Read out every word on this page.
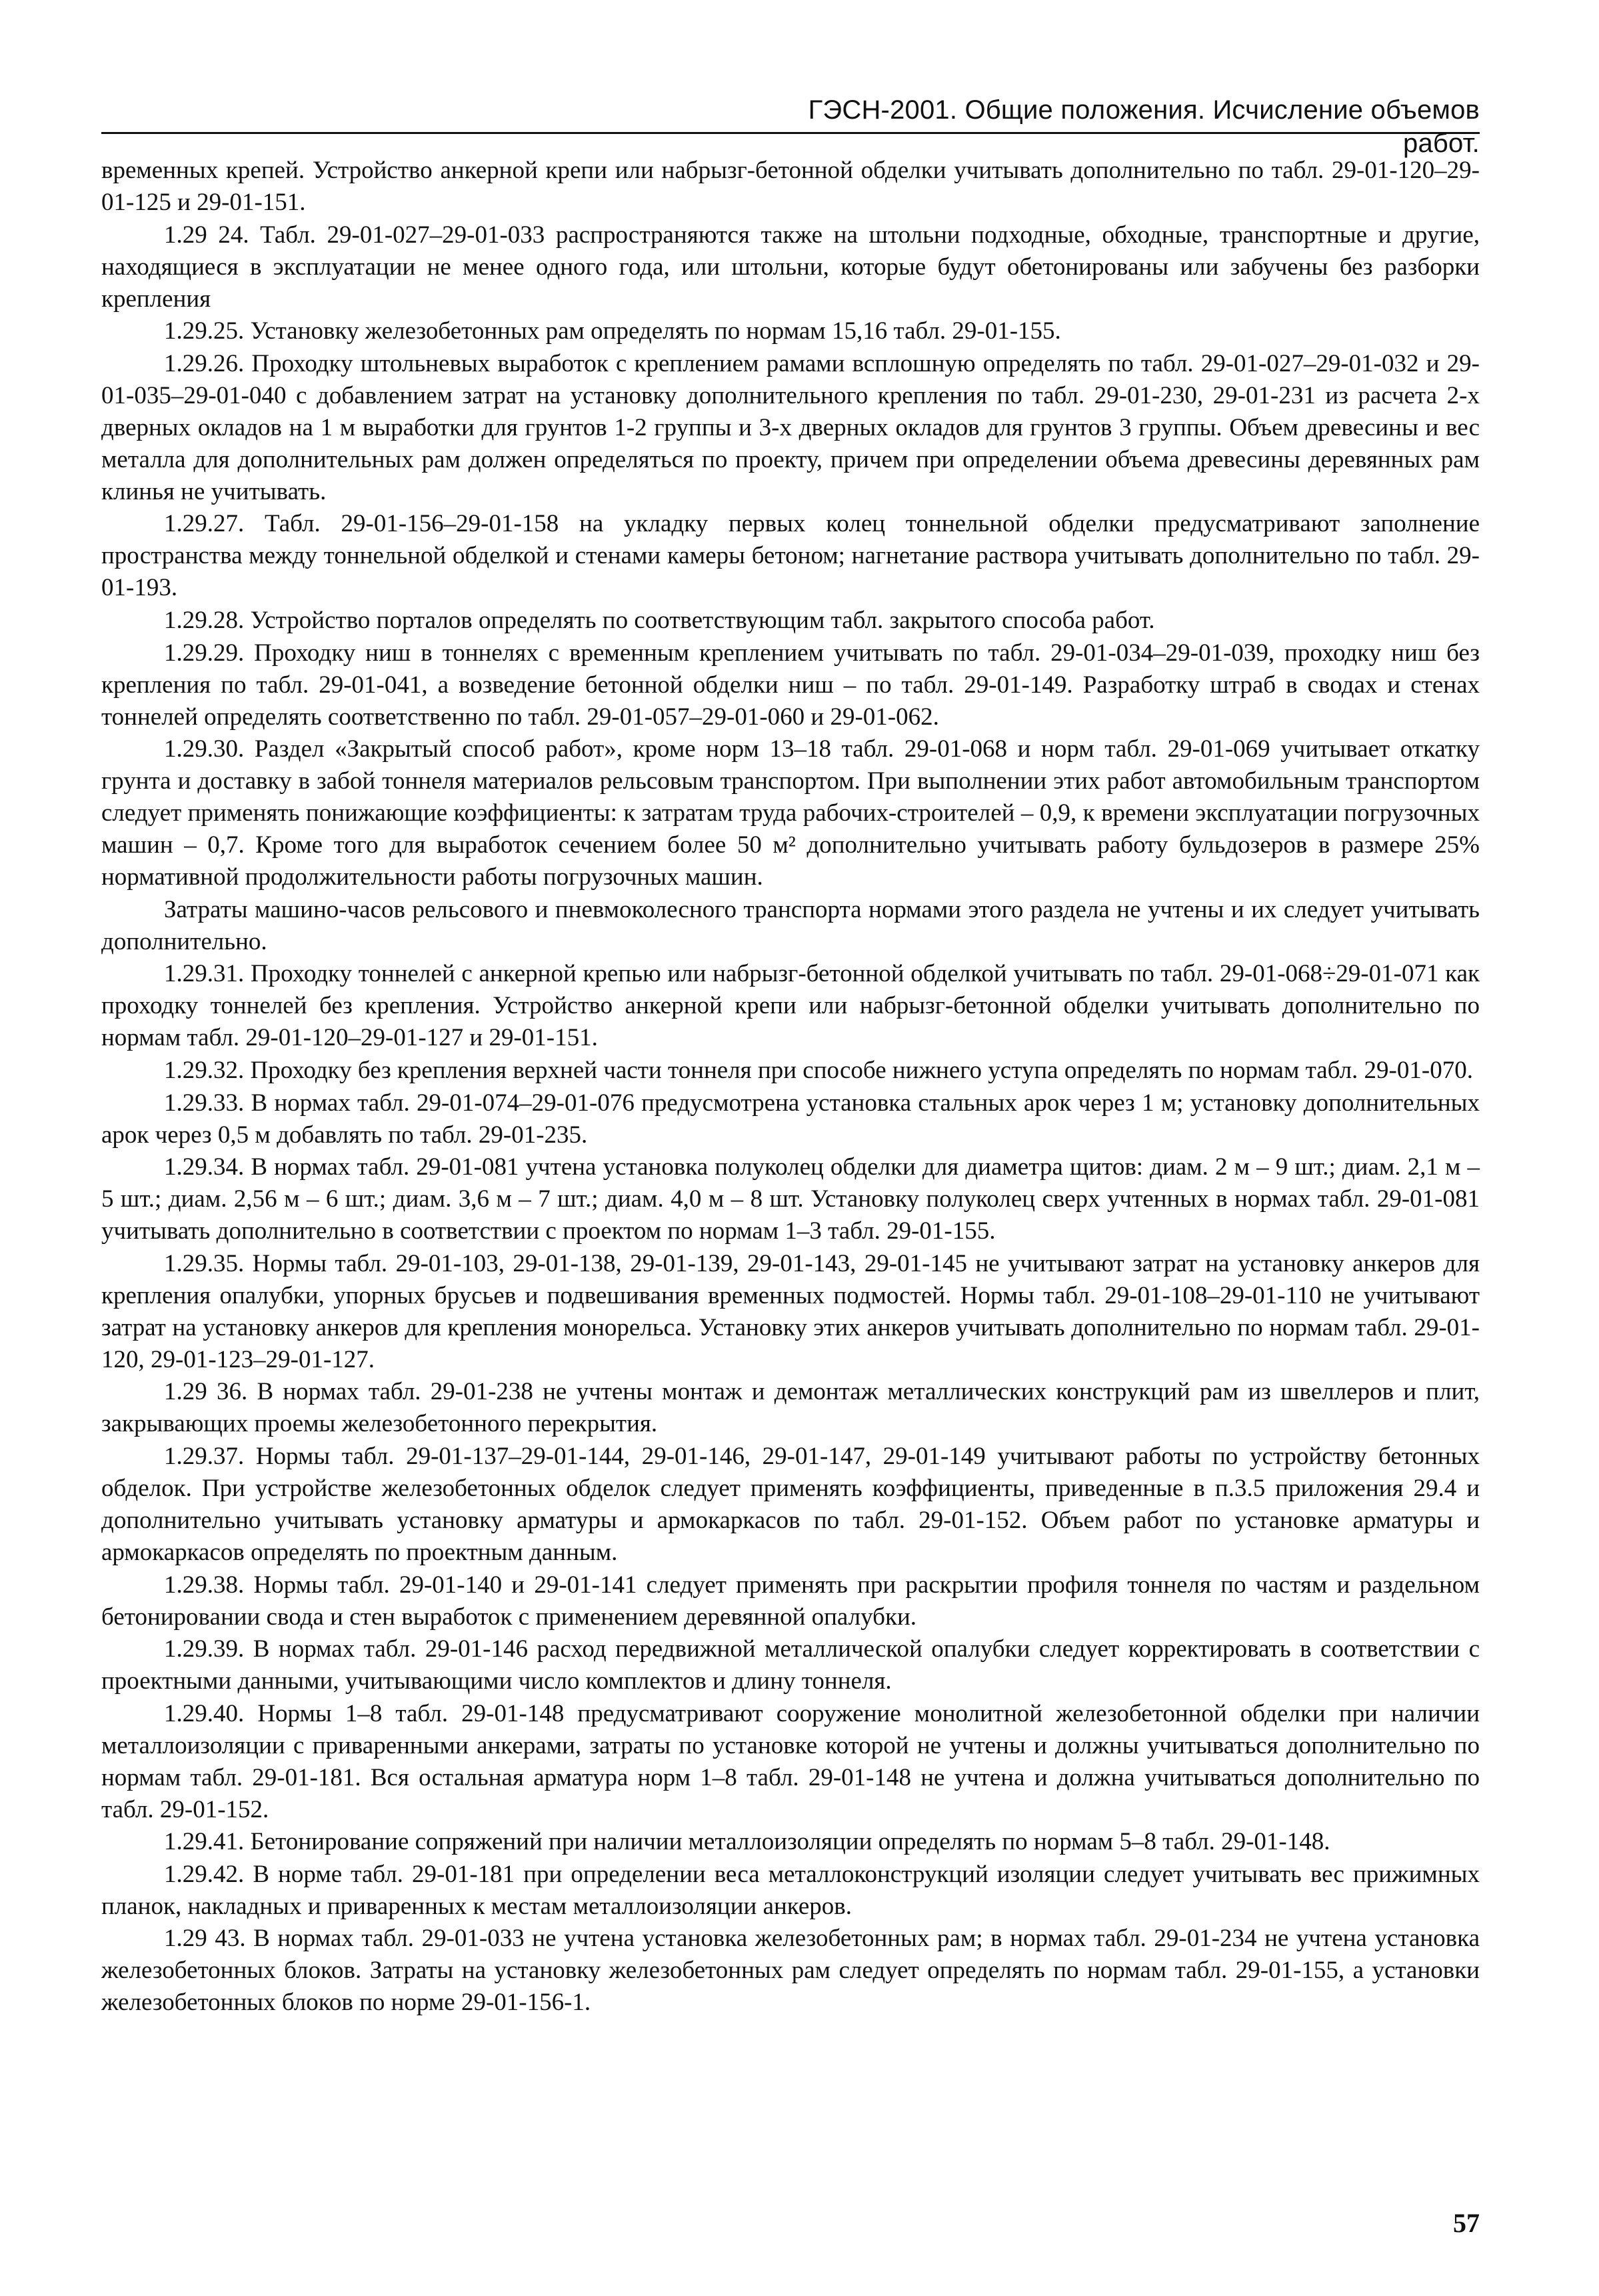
ГЭСН-2001. Общие положения. Исчисление объемов работ.

временных крепей. Устройство анкерной крепи или набрызг-бетонной обделки учитывать дополнительно по табл. 29-01-120–29-01-125 и 29-01-151.

1.29 24. Табл. 29-01-027–29-01-033 распространяются также на штольни подходные, обходные, транспортные и другие, находящиеся в эксплуатации не менее одного года, или штольни, которые будут обетонированы или забучены без разборки крепления

1.29.25. Установку железобетонных рам определять по нормам 15,16 табл. 29-01-155.

1.29.26. Проходку штольневых выработок с креплением рамами всплошную определять по табл. 29-01-027–29-01-032 и 29-01-035–29-01-040 с добавлением затрат на установку дополнительного крепления по табл. 29-01-230, 29-01-231 из расчета 2-х дверных окладов на 1 м выработки для грунтов 1-2 группы и 3-х дверных окладов для грунтов 3 группы. Объем древесины и вес металла для дополнительных рам должен определяться по проекту, причем при определении объема древесины деревянных рам клинья не учитывать.

1.29.27. Табл. 29-01-156–29-01-158 на укладку первых колец тоннельной обделки предусматривают заполнение пространства между тоннельной обделкой и стенами камеры бетоном; нагнетание раствора учитывать дополнительно по табл. 29-01-193.

1.29.28. Устройство порталов определять по соответствующим табл. закрытого способа работ.

1.29.29. Проходку ниш в тоннелях с временным креплением учитывать по табл. 29-01-034–29-01-039, проходку ниш без крепления по табл. 29-01-041, а возведение бетонной обделки ниш – по табл. 29-01-149. Разработку штраб в сводах и стенах тоннелей определять соответственно по табл. 29-01-057–29-01-060 и 29-01-062.

1.29.30. Раздел «Закрытый способ работ», кроме норм 13–18 табл. 29-01-068 и норм табл. 29-01-069 учитывает откатку грунта и доставку в забой тоннеля материалов рельсовым транспортом. При выполнении этих работ автомобильным транспортом следует применять понижающие коэффициенты: к затратам труда рабочих-строителей – 0,9, к времени эксплуатации погрузочных машин – 0,7. Кроме того для выработок сечением более 50 м² дополнительно учитывать работу бульдозеров в размере 25% нормативной продолжительности работы погрузочных машин.

Затраты машино-часов рельсового и пневмоколесного транспорта нормами этого раздела не учтены и их следует учитывать дополнительно.

1.29.31. Проходку тоннелей с анкерной крепью или набрызг-бетонной обделкой учитывать по табл. 29-01-068÷29-01-071 как проходку тоннелей без крепления. Устройство анкерной крепи или набрызг-бетонной обделки учитывать дополнительно по нормам табл. 29-01-120–29-01-127 и 29-01-151.

1.29.32. Проходку без крепления верхней части тоннеля при способе нижнего уступа определять по нормам табл. 29-01-070.

1.29.33. В нормах табл. 29-01-074–29-01-076 предусмотрена установка стальных арок через 1 м; установку дополнительных арок через 0,5 м добавлять по табл. 29-01-235.

1.29.34. В нормах табл. 29-01-081 учтена установка полуколец обделки для диаметра щитов: диам. 2 м – 9 шт.; диам. 2,1 м – 5 шт.; диам. 2,56 м – 6 шт.; диам. 3,6 м – 7 шт.; диам. 4,0 м – 8 шт. Установку полуколец сверх учтенных в нормах табл. 29-01-081 учитывать дополнительно в соответствии с проектом по нормам 1–3 табл. 29-01-155.

1.29.35. Нормы табл. 29-01-103, 29-01-138, 29-01-139, 29-01-143, 29-01-145 не учитывают затрат на установку анкеров для крепления опалубки, упорных брусьев и подвешивания временных подмостей. Нормы табл. 29-01-108–29-01-110 не учитывают затрат на установку анкеров для крепления монорельса. Установку этих анкеров учитывать дополнительно по нормам табл. 29-01-120, 29-01-123–29-01-127.

1.29 36. В нормах табл. 29-01-238 не учтены монтаж и демонтаж металлических конструкций рам из швеллеров и плит, закрывающих проемы железобетонного перекрытия.

1.29.37. Нормы табл. 29-01-137–29-01-144, 29-01-146, 29-01-147, 29-01-149 учитывают работы по устройству бетонных обделок. При устройстве железобетонных обделок следует применять коэффициенты, приведенные в п.3.5 приложения 29.4 и дополнительно учитывать установку арматуры и армокаркасов по табл. 29-01-152. Объем работ по установке арматуры и армокаркасов определять по проектным данным.

1.29.38. Нормы табл. 29-01-140 и 29-01-141 следует применять при раскрытии профиля тоннеля по частям и раздельном бетонировании свода и стен выработок с применением деревянной опалубки.

1.29.39. В нормах табл. 29-01-146 расход передвижной металлической опалубки следует корректировать в соответствии с проектными данными, учитывающими число комплектов и длину тоннеля.

1.29.40. Нормы 1–8 табл. 29-01-148 предусматривают сооружение монолитной железобетонной обделки при наличии металлоизоляции с приваренными анкерами, затраты по установке которой не учтены и должны учитываться дополнительно по нормам табл. 29-01-181. Вся остальная арматура норм 1–8 табл. 29-01-148 не учтена и должна учитываться дополнительно по табл. 29-01-152.

1.29.41. Бетонирование сопряжений при наличии металлоизоляции определять по нормам 5–8 табл. 29-01-148.

1.29.42. В норме табл. 29-01-181 при определении веса металлоконструкций изоляции следует учитывать вес прижимных планок, накладных и приваренных к местам металлоизоляции анкеров.

1.29 43. В нормах табл. 29-01-033 не учтена установка железобетонных рам; в нормах табл. 29-01-234 не учтена установка железобетонных блоков. Затраты на установку железобетонных рам следует определять по нормам табл. 29-01-155, а установки железобетонных блоков по норме 29-01-156-1.

57
